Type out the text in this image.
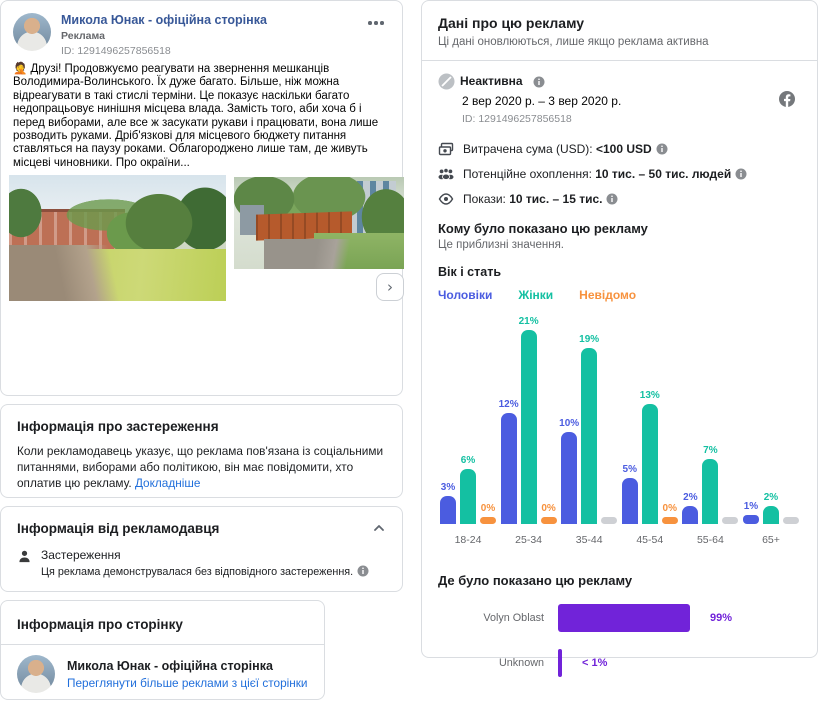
Микола Юнак - офіційна сторінка
Реклама
ID: 1291496257856518
🤦 Друзі! Продовжуємо реагувати на звернення мешканців Володимира-Волинського. Їх дуже багато. Більше, ніж можна відреагувати в такі стислі терміни. Це показує наскільки багато недопрацьовує нинішня місцева влада. Замість того, аби хоча б і перед виборами, але все ж засукати рукави і працювати, вона лише розводить руками. Дріб'язкові для місцевого бюджету питання ставляться на паузу роками. Облагороджено лише там, де живуть місцеві чиновники. Про окраїни...
›
Інформація про застереження
Коли рекламодавець указує, що реклама пов'язана із соціальними питаннями, виборами або політикою, він має повідомити, хто оплатив цю рекламу. Докладніше
Інформація від рекламодавця
Застереження
Ця реклама демонструвалася без відповідного застереження.
Інформація про сторінку
Микола Юнак - офіційна сторінка
Переглянути більше реклами з цієї сторінки
Дані про цю рекламу
Ці дані оновлюються, лише якщо реклама активна
Неактивна
2 вер 2020 р. – 3 вер 2020 р.
ID: 1291496257856518
Витрачена сума (USD): <100 USD
Потенційне охоплення: 10 тис. – 50 тис. людей
Покази: 10 тис. – 15 тис.
Кому було показано цю рекламу
Це приблизні значення.
Вік і стать
Чоловіки Жінки Невідомо
3%
6%
0%
18-24
12%
21%
0%
25-34
10%
19%
35-44
5%
13%
0%
45-54
2%
7%
55-64
1%
2%
65+
Де було показано цю рекламу
Volyn Oblast	99%
Unknown	< 1%
